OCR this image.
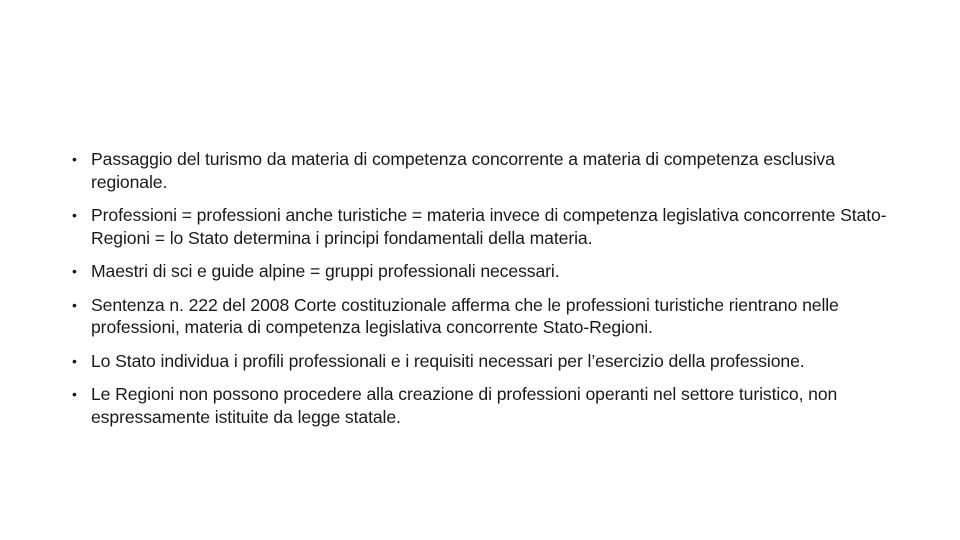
• Passaggio del turismo da materia di competenza concorrente a materia di competenza esclusiva regionale.
• Professioni = professioni anche turistiche = materia invece di competenza legislativa concorrente Stato-Regioni = lo Stato determina i principi fondamentali della materia.
• Maestri di sci e guide alpine = gruppi professionali necessari.
• Sentenza n. 222 del 2008 Corte costituzionale afferma che le professioni turistiche rientrano nelle professioni, materia di competenza legislativa concorrente Stato-Regioni.
• Lo Stato individua i profili professionali e i requisiti necessari per l’esercizio della professione.
• Le Regioni non possono procedere alla creazione di professioni operanti nel settore turistico, non espressamente istituite da legge statale.
